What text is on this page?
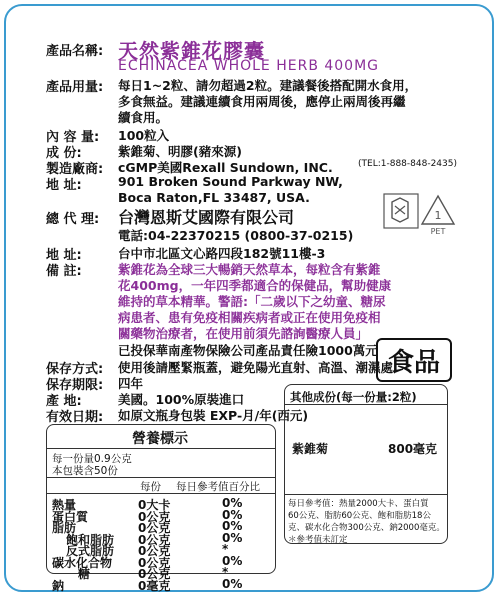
產品名稱: 天然紫錐花膠囊
ECHINACEA WHOLE HERB 400MG
產品用量: 每日1~2粒、請勿超過2粒。建議餐後搭配開水食用，
多食無益。建議連續食用兩周後，應停止兩周後再繼
續食用。
內 容 量: 100粒入
成 份:	紫錐菊、明膠(豬來源)
製造廠商: cGMP美國Rexall Sundown, INC.	(TEL:1-888-848-2435)
地 址:	901 Broken Sound Parkway NW,
Boca Raton,FL 33487, USA.
總 代 理: 台灣恩斯艾國際有限公司
電話:04-22370215 (0800-37-0215)
1
PET
地 址:	台中市北區文心路四段182號11樓-3
備 註:	紫錐花為全球三大暢銷天然草本，每粒含有紫錐
花400mg，一年四季都適合的保健品，幫助健康
維持的草本精華。警語:「二歲以下之幼童、糖尿
病患者、患有免疫相關疾病者或正在使用免疫相
關藥物治療者，在使用前須先諮詢醫療人員」
已投保華南產物保險公司產品責任險1000萬元
保存方式: 使用後請壓緊瓶蓋，避免陽光直射、高溫、潮濕處
保存期限: 四年
產 地:	美國。100%原裝進口
有效日期: 如原文瓶身包裝 EXP-月/年(西元)
食品
營養標示
每一份量0.9公克
本包裝含50份
每份 每日參考值百分比
熱量	0大卡	0%
蛋白質	0公克	0%
脂肪	0公克	0%
飽和脂肪 0公克	0%
反式脂肪 0公克	*
碳水化合物 0公克	0%
糖	0公克	*
鈉	0毫克	0%
其他成份(每一份量:2粒)
紫錐菊	800毫克
每日參考值：熱量2000大卡、蛋白質
60公克、脂肪60公克、飽和脂肪18公
克、碳水化合物300公克、鈉2000毫克。
＊參考值未訂定
